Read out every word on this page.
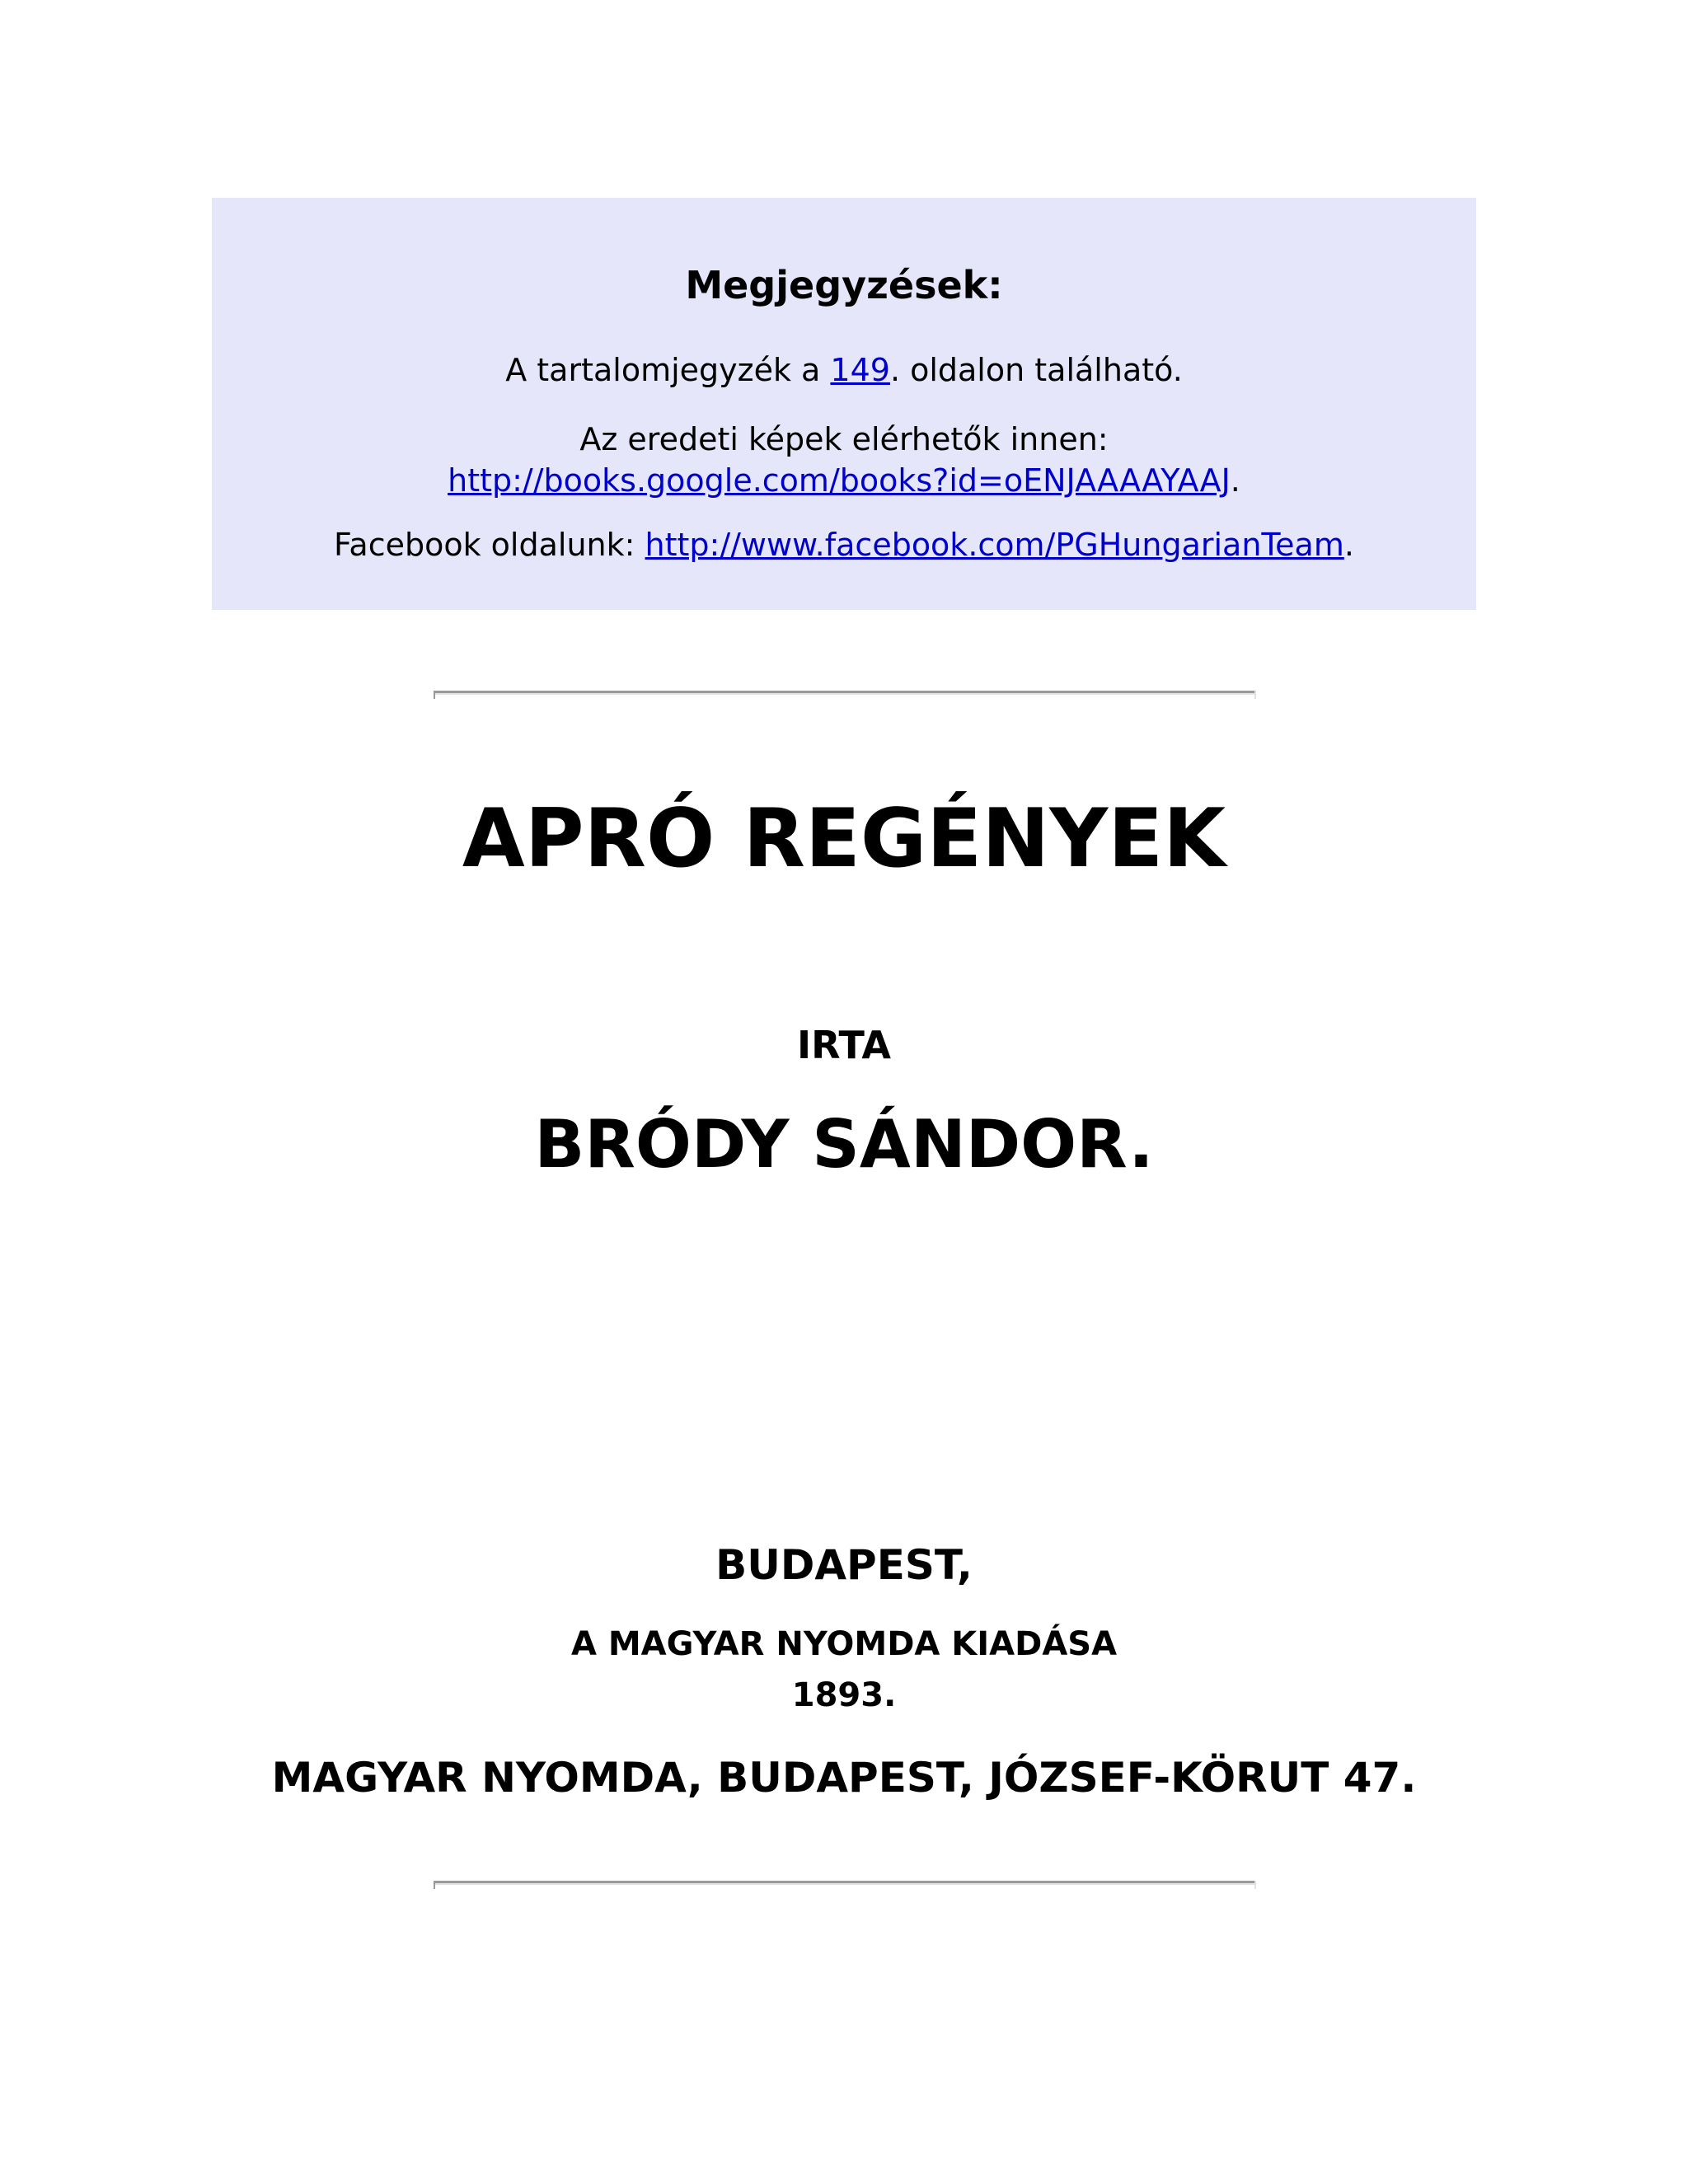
Megjegyzések:
A tartalomjegyzék a 149. oldalon található.
Az eredeti képek elérhetők innen: http://books.google.com/books?id=oENJAAAAYAAJ.
Facebook oldalunk: http://www.facebook.com/PGHungarianTeam.
APRÓ REGÉNYEK
IRTA
BRÓDY SÁNDOR.
BUDAPEST,
A MAGYAR NYOMDA KIADÁSA
1893.
MAGYAR NYOMDA, BUDAPEST, JÓZSEF-KÖRUT 47.
